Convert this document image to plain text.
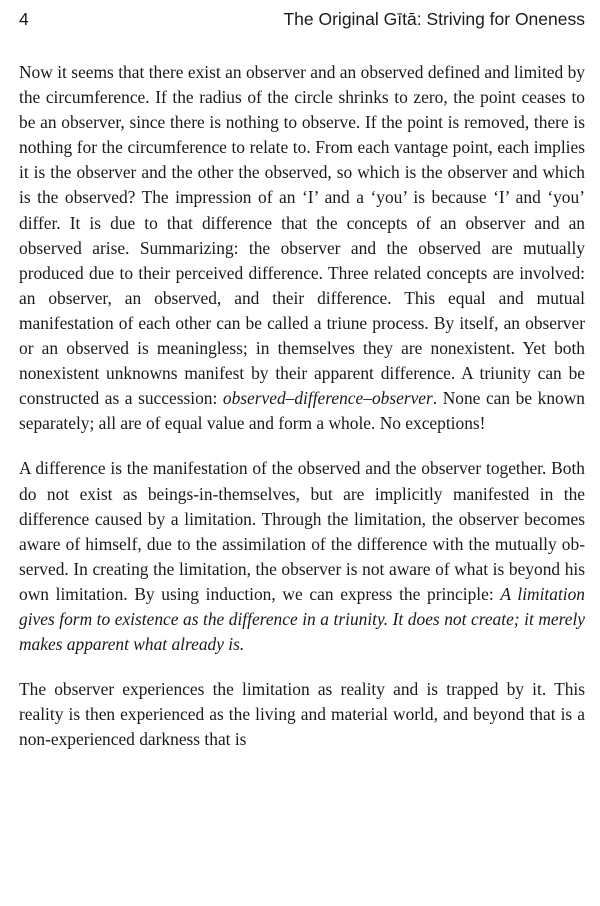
4	The Original Gītā: Striving for Oneness

Now it seems that there exist an observer and an observed defined and limited by the circumference. If the radius of the circle shrinks to zero, the point ceases to be an observer, since there is nothing to observe. If the point is removed, there is nothing for the circumference to relate to. From each vantage point, each implies it is the observer and the other the observed, so which is the observer and which is the observed? The impression of an ‘I’ and a ‘you’ is because ‘I’ and ‘you’ differ. It is due to that difference that the concepts of an observer and an observed arise. Summarizing: the observer and the observed are mutually produced due to their perceived difference. Three related concepts are involved: an observer, an observed, and their difference. This equal and mutual manifestation of each other can be called a triune process. By itself, an observer or an observed is meaningless; in themselves they are nonexistent. Yet both nonexistent unknowns manifest by their apparent difference. A triunity can be constructed as a succession: observed–difference–observer. None can be known separately; all are of equal value and form a whole. No exceptions!

A difference is the manifestation of the observed and the observer together. Both do not exist as beings-in-themselves, but are implicitly manifested in the difference caused by a limitation. Through the limitation, the observer becomes aware of himself, due to the assimilation of the difference with the mutually observed. In creating the limitation, the observer is not aware of what is beyond his own limitation. By using induction, we can express the principle: A limitation gives form to existence as the difference in a triunity. It does not create; it merely makes apparent what already is.

The observer experiences the limitation as reality and is trapped by it. This reality is then experienced as the living and material world, and beyond that is a non-experienced darkness that is
